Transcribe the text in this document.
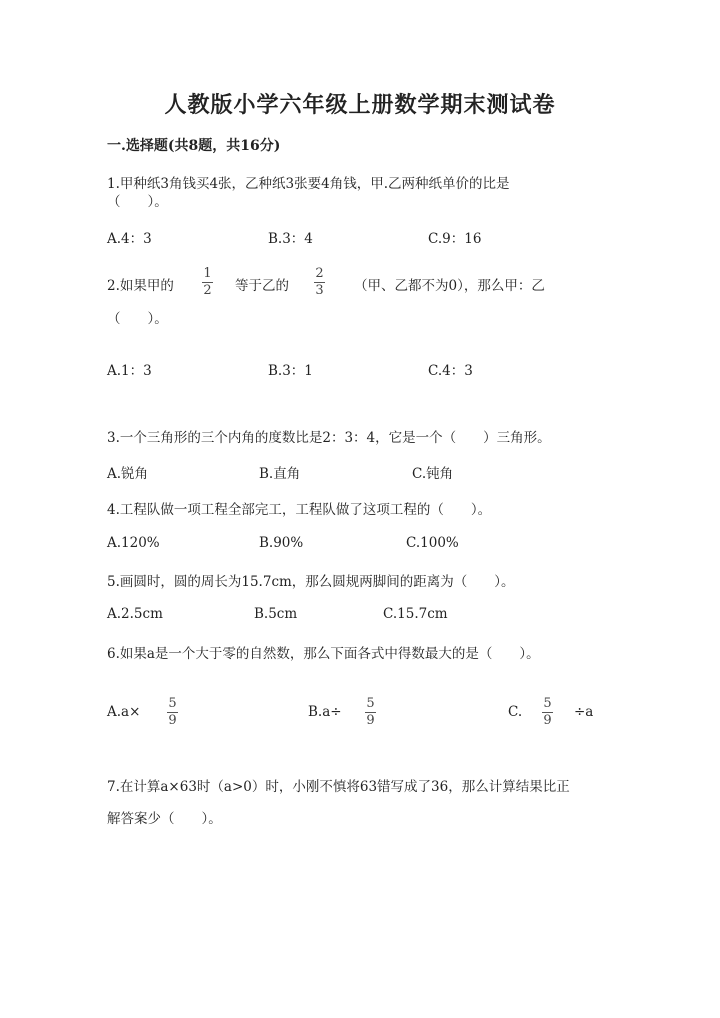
人教版小学六年级上册数学期末测试卷
一.选择题(共8题，共16分)
1.甲种纸3角钱买4张，乙种纸3张要4角钱，甲.乙两种纸单价的比是
（　　）。
A.4：3	B.3：4	C.9：16
2.如果甲的
1
2 等于乙的
2
3 （甲、乙都不为0），那么甲：乙
（　　）。
A.1：3	B.3：1	C.4：3
3.一个三角形的三个内角的度数比是2：3：4，它是一个（　　）三角形。
A.锐角	B.直角	C.钝角
4.工程队做一项工程全部完工，工程队做了这项工程的（　　）。
A.120%	B.90%	C.100%
5.画圆时，圆的周长为15.7cm，那么圆规两脚间的距离为（　　）。
A.2.5cm	B.5cm	C.15.7cm
6.如果a是一个大于零的自然数，那么下面各式中得数最大的是（　　）。
A.a×
5
9
B.a÷
5
9
C.
5
9
÷a
7.在计算a×63时（a>0）时，小刚不慎将63错写成了36，那么计算结果比正
解答案少（　　）。
